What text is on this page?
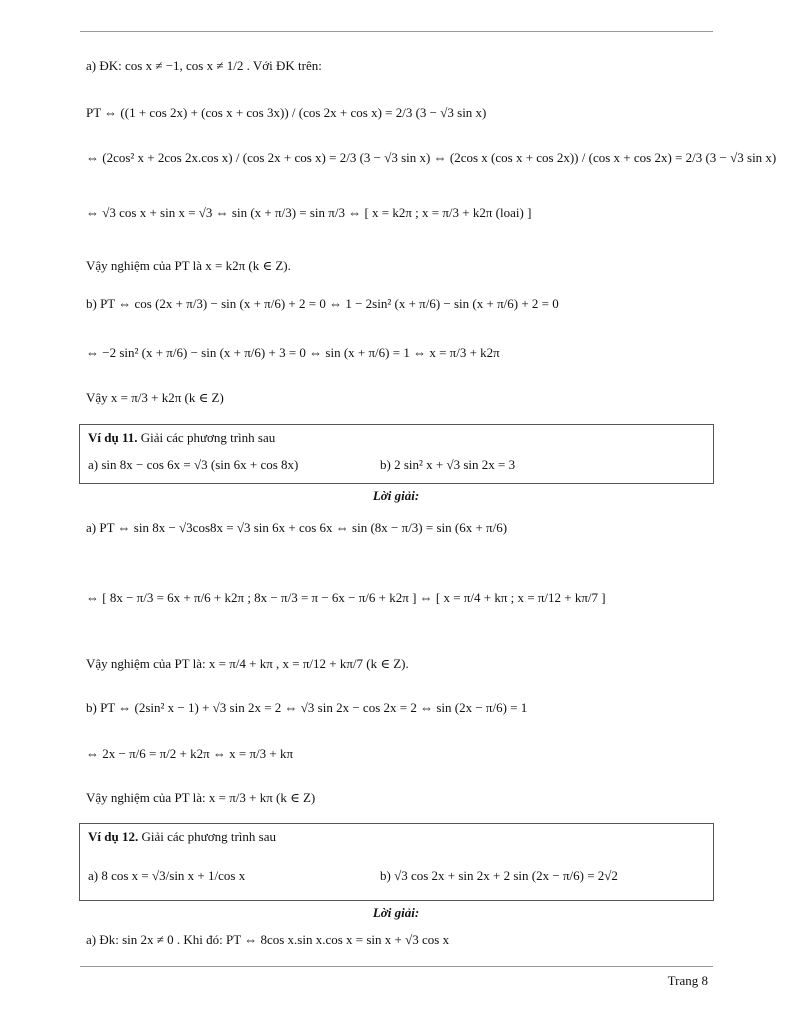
a) ĐK: cos x ≠ −1, cos x ≠ 1/2 . Với ĐK trên:
PT ⇔ ((1 + cos 2x) + (cos x + cos 3x)) / (cos 2x + cos x) = 2/3 (3 − √3 sin x)
⇔ (2cos² x + 2cos 2x.cos x) / (cos 2x + cos x) = 2/3 (3 − √3 sin x) ⇔ (2cos x (cos x + cos 2x)) / (cos x + cos 2x) = 2/3 (3 − √3 sin x)
⇔ √3 cos x + sin x = √3 ⇔ sin (x + π/3) = sin π/3 ⇔ [ x = k2π ; x = π/3 + k2π (loai) ]
Vậy nghiệm của PT là x = k2π (k ∈ Z).
b) PT ⇔ cos (2x + π/3) − sin (x + π/6) + 2 = 0 ⇔ 1 − 2sin² (x + π/6) − sin (x + π/6) + 2 = 0
⇔ −2 sin² (x + π/6) − sin (x + π/6) + 3 = 0 ⇔ sin (x + π/6) = 1 ⇔ x = π/3 + k2π
Vậy x = π/3 + k2π (k ∈ Z)
Ví dụ 11. Giải các phương trình sau
a) sin 8x − cos 6x = √3 (sin 6x + cos 8x)	b) 2 sin² x + √3 sin 2x = 3
Lời giải:
a) PT ⇔ sin 8x − √3cos8x = √3 sin 6x + cos 6x ⇔ sin (8x − π/3) = sin (6x + π/6)
⇔ [ 8x − π/3 = 6x + π/6 + k2π ; 8x − π/3 = π − 6x − π/6 + k2π ] ⇔ [ x = π/4 + kπ ; x = π/12 + kπ/7 ]
Vậy nghiệm của PT là: x = π/4 + kπ , x = π/12 + kπ/7 (k ∈ Z).
b) PT ⇔ (2sin² x − 1) + √3 sin 2x = 2 ⇔ √3 sin 2x − cos 2x = 2 ⇔ sin (2x − π/6) = 1
⇔ 2x − π/6 = π/2 + k2π ⇔ x = π/3 + kπ
Vậy nghiệm của PT là: x = π/3 + kπ (k ∈ Z)
Ví dụ 12. Giải các phương trình sau
a) 8 cos x = √3/sin x + 1/cos x	b) √3 cos 2x + sin 2x + 2 sin (2x − π/6) = 2√2
Lời giải:
a) Đk: sin 2x ≠ 0 . Khi đó: PT ⇔ 8cos x.sin x.cos x = sin x + √3 cos x
Trang 8
